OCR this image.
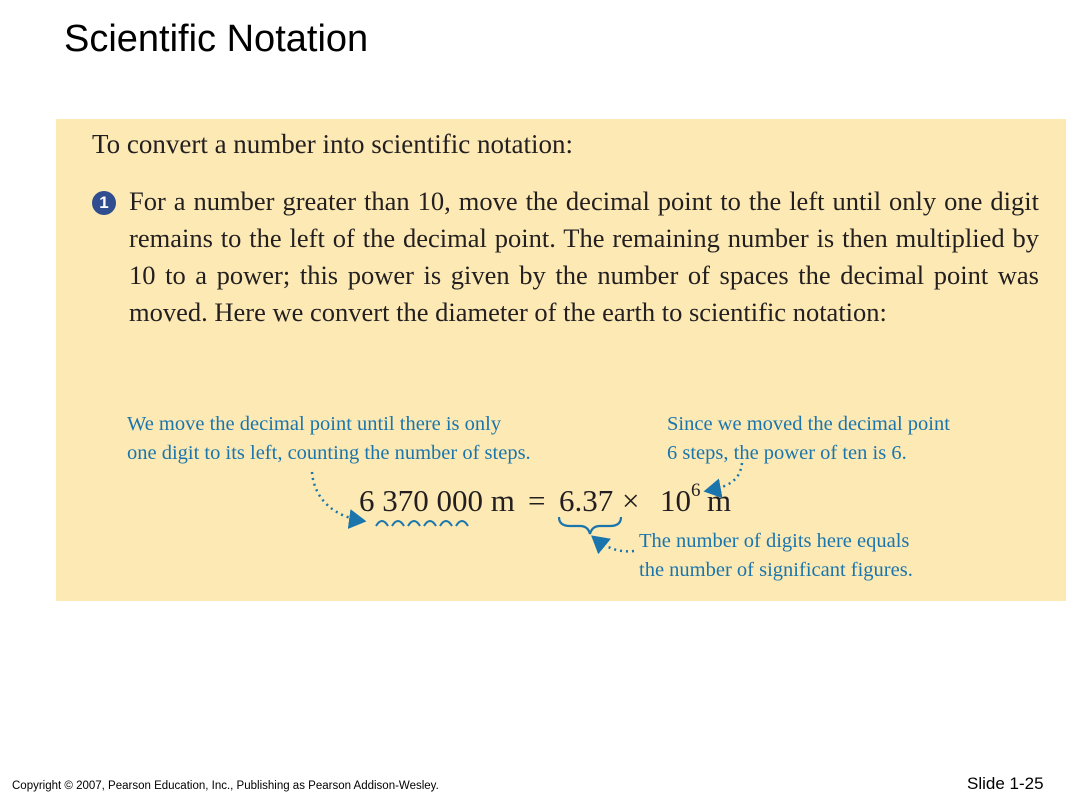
Scientific Notation
To convert a number into scientific notation:
1 For a number greater than 10, move the decimal point to the left until only one digit remains to the left of the decimal point. The remaining number is then multiplied by 10 to a power; this power is given by the number of spaces the decimal point was moved. Here we convert the diameter of the earth to scientific notation:

We move the decimal point until there is only
one digit to its left, counting the number of steps.

Since we moved the decimal point
6 steps, the power of ten is 6.

The number of digits here equals
the number of significant figures.

6 370 000 $m = 6.37 \times 10^6$ m
Copyright © 2007, Pearson Education, Inc., Publishing as Pearson Addison-Wesley.	Slide 1-25
